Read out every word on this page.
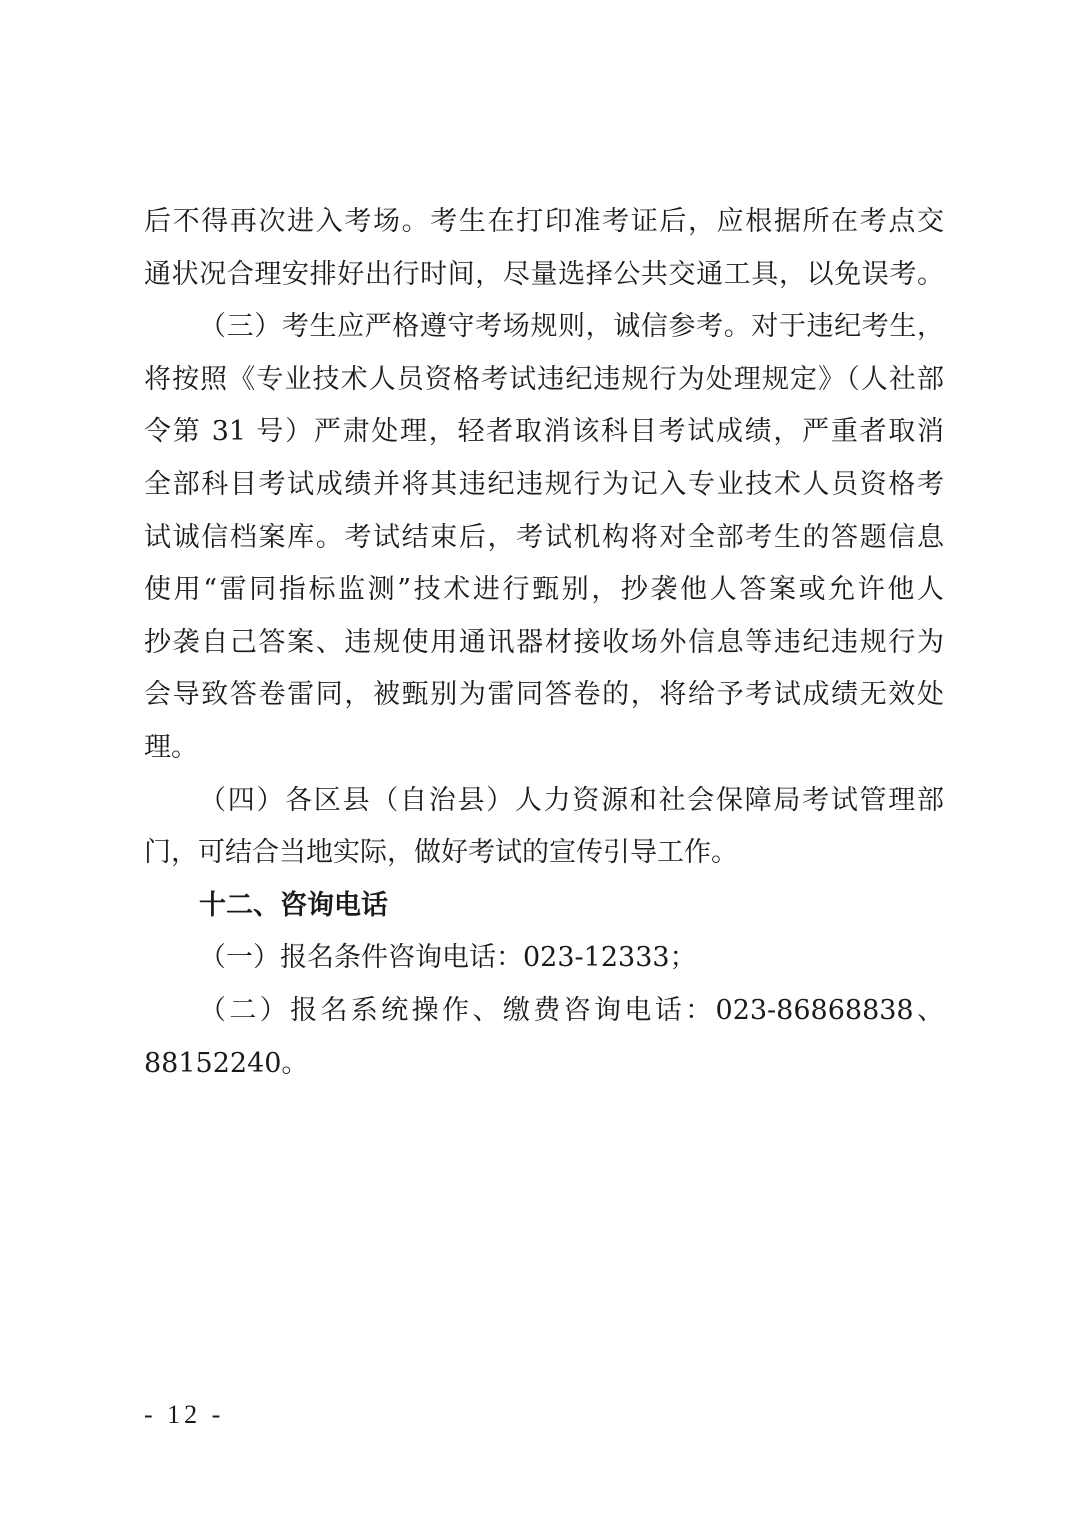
后不得再次进入考场。考生在打印准考证后，应根据所在考点交
通状况合理安排好出行时间，尽量选择公共交通工具，以免误考。
（三）考生应严格遵守考场规则，诚信参考。对于违纪考生，
将按照《专业技术人员资格考试违纪违规行为处理规定》（人社部
令第 31 号）严肃处理，轻者取消该科目考试成绩，严重者取消
全部科目考试成绩并将其违纪违规行为记入专业技术人员资格考
试诚信档案库。考试结束后，考试机构将对全部考生的答题信息
使用“雷同指标监测”技术进行甄别，抄袭他人答案或允许他人
抄袭自己答案、违规使用通讯器材接收场外信息等违纪违规行为
会导致答卷雷同，被甄别为雷同答卷的，将给予考试成绩无效处
理。
（四）各区县（自治县）人力资源和社会保障局考试管理部
门，可结合当地实际，做好考试的宣传引导工作。
十二、咨询电话
（一）报名条件咨询电话：023-12333；
（二）报名系统操作、缴费咨询电话：023-86868838、
88152240。
- 12 -
